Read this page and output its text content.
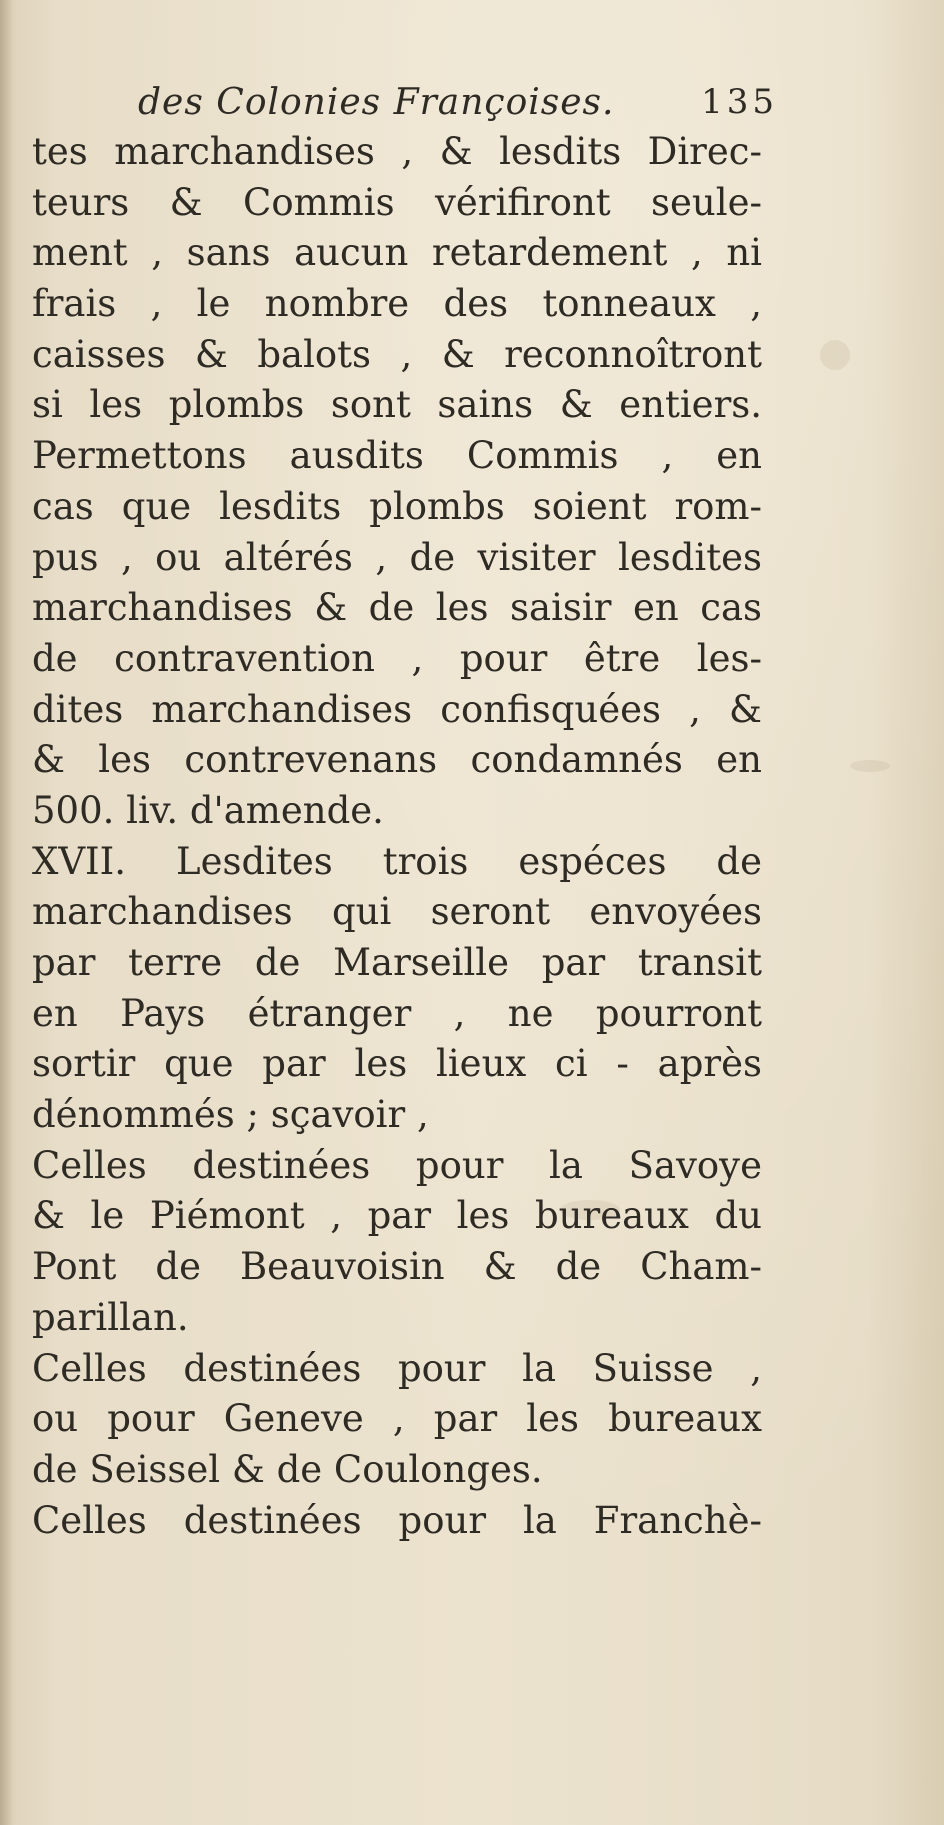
des Colonies Françoises.	135
tes marchandises , & lesdits Direc-
teurs & Commis vérifiront seule-
ment , sans aucun retardement , ni
frais , le nombre des tonneaux ,
caisses & balots , & reconnoîtront
si les plombs sont sains & entiers.
Permettons ausdits Commis , en
cas que lesdits plombs soient rom-
pus , ou altérés , de visiter lesdites
marchandises & de les saisir en cas
de contravention , pour être les-
dites marchandises confisquées , &
& les contrevenans condamnés en
500. liv. d'amende.
XVII. Lesdites trois espéces de
marchandises qui seront envoyées
par terre de Marseille par transit
en Pays étranger , ne pourront
sortir que par les lieux ci - après
dénommés ; sçavoir ,
Celles destinées pour la Savoye
& le Piémont , par les bureaux du
Pont de Beauvoisin & de Cham-
parillan.
Celles destinées pour la Suisse ,
ou pour Geneve , par les bureaux
de Seissel & de Coulonges.
Celles destinées pour la Franchè-
